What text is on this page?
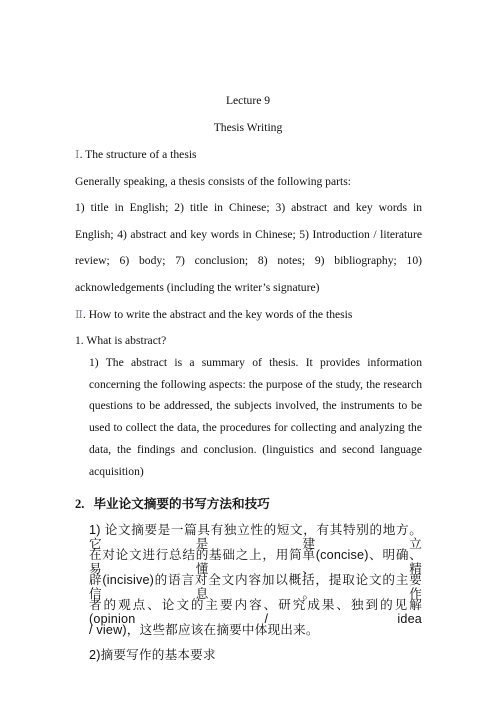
Lecture 9
Thesis Writing
Ⅰ. The structure of a thesis
Generally speaking, a thesis consists of the following parts:
1) title in English; 2) title in Chinese; 3) abstract and key words in
English; 4) abstract and key words in Chinese; 5) Introduction / literature
review; 6) body; 7) conclusion; 8) notes; 9) bibliography; 10)
acknowledgements (including the writer’s signature)
Ⅱ. How to write the abstract and the key words of the thesis
1. What is abstract?
1) The abstract is a summary of thesis. It provides information
concerning the following aspects: the purpose of the study, the research
questions to be addressed, the subjects involved, the instruments to be
used to collect the data, the procedures for collecting and analyzing the
data, the findings and conclusion. (linguistics and second language
acquisition)
2. 毕业论文摘要的书写方法和技巧
1) 论文摘要是一篇具有独立性的短文，有其特别的地方。它是建立
在对论文进行总结的基础之上，用简单(concise)、明确、易懂、精
辟(incisive)的语言对全文内容加以概括，提取论文的主要信息。作
者的观点、论文的主要内容、研究成果、独到的见解(opinion / idea
/ view)，这些都应该在摘要中体现出来。
2)摘要写作的基本要求
